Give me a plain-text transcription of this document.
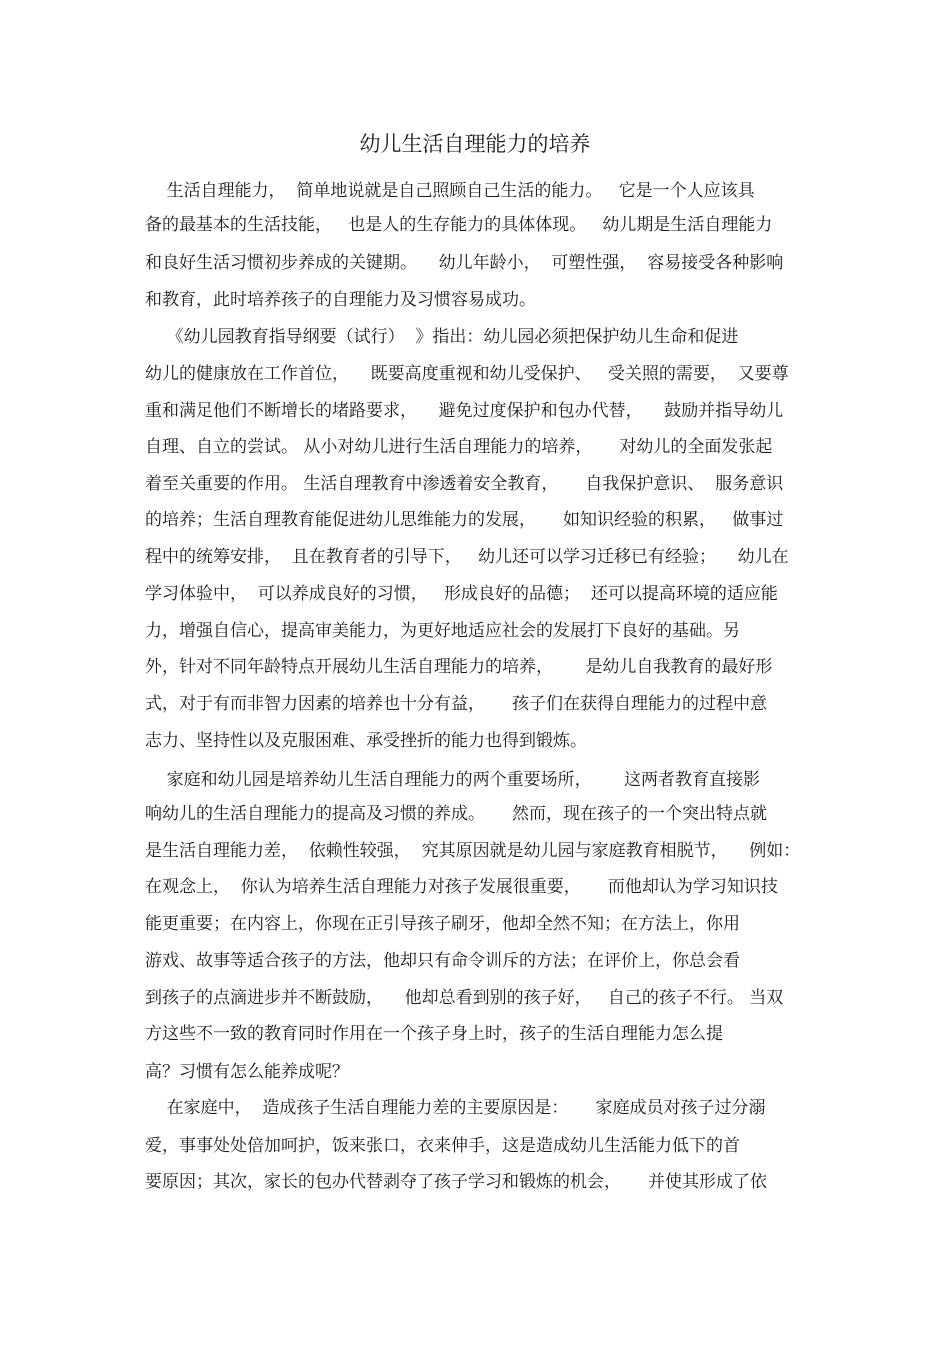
幼儿生活自理能力的培养
生活自理能力，  简单地说就是自己照顾自己生活的能力。   它是一个人应该具
备的最基本的生活技能，   也是人的生存能力的具体体现。   幼儿期是生活自理能力
和良好生活习惯初步养成的关键期。    幼儿年龄小，  可塑性强，  容易接受各种影响
和教育，此时培养孩子的自理能力及习惯容易成功。
《幼儿园教育指导纲要（试行）  》指出：幼儿园必须把保护幼儿生命和促进
幼儿的健康放在工作首位，    既要高度重视和幼儿受保护、   受关照的需要，  又要尊
重和满足他们不断增长的堵路要求，    避免过度保护和包办代替，    鼓励并指导幼儿
自理、自立的尝试。 从小对幼儿进行生活自理能力的培养，     对幼儿的全面发张起
着至关重要的作用。 生活自理教育中渗透着安全教育，     自我保护意识、  服务意识
的培养；生活自理教育能促进幼儿思维能力的发展，     如知识经验的积累，   做事过
程中的统筹安排，  且在教育者的引导下，   幼儿还可以学习迁移已有经验；    幼儿在
学习体验中，  可以养成良好的习惯，   形成良好的品德；  还可以提高环境的适应能
力，增强自信心，提高审美能力，为更好地适应社会的发展打下良好的基础。另
外，针对不同年龄特点开展幼儿生活自理能力的培养，      是幼儿自我教育的最好形
式，对于有而非智力因素的培养也十分有益，     孩子们在获得自理能力的过程中意
志力、坚持性以及克服困难、承受挫折的能力也得到锻炼。
家庭和幼儿园是培养幼儿生活自理能力的两个重要场所，      这两者教育直接影
响幼儿的生活自理能力的提高及习惯的养成。     然而，现在孩子的一个突出特点就
是生活自理能力差，  依赖性较强，  究其原因就是幼儿园与家庭教育相脱节，    例如：
在观念上，  你认为培养生活自理能力对孩子发展很重要，     而他却认为学习知识技
能更重要；在内容上，你现在正引导孩子刷牙，他却全然不知；在方法上，你用
游戏、故事等适合孩子的方法，他却只有命令训斥的方法；在评价上，你总会看
到孩子的点滴进步并不断鼓励，    他却总看到别的孩子好，   自己的孩子不行。 当双
方这些不一致的教育同时作用在一个孩子身上时，孩子的生活自理能力怎么提
高？习惯有怎么能养成呢？
在家庭中，  造成孩子生活自理能力差的主要原因是：     家庭成员对孩子过分溺
爱，事事处处倍加呵护，饭来张口，衣来伸手，这是造成幼儿生活能力低下的首
要原因；其次，家长的包办代替剥夺了孩子学习和锻炼的机会，     并使其形成了依
